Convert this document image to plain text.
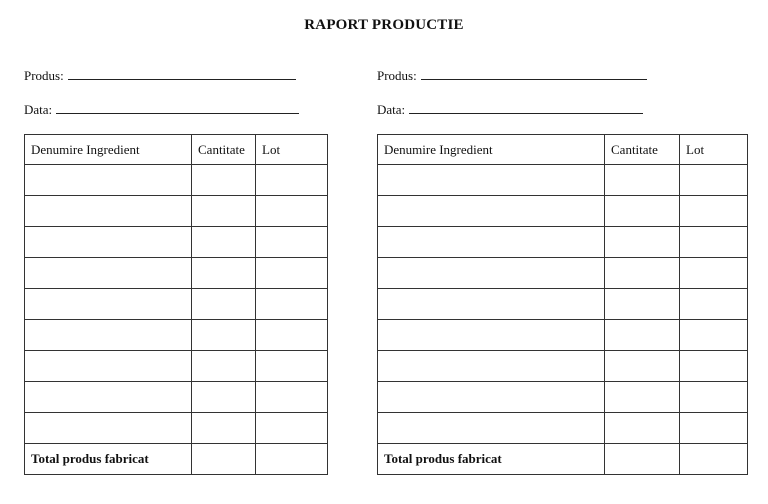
RAPORT PRODUCTIE
Produs:
Data:
Denumire Ingredient	Cantitate	Lot

Total produs fabricat		
Produs:
Data:
Denumire Ingredient	Cantitate	Lot

Total produs fabricat		
